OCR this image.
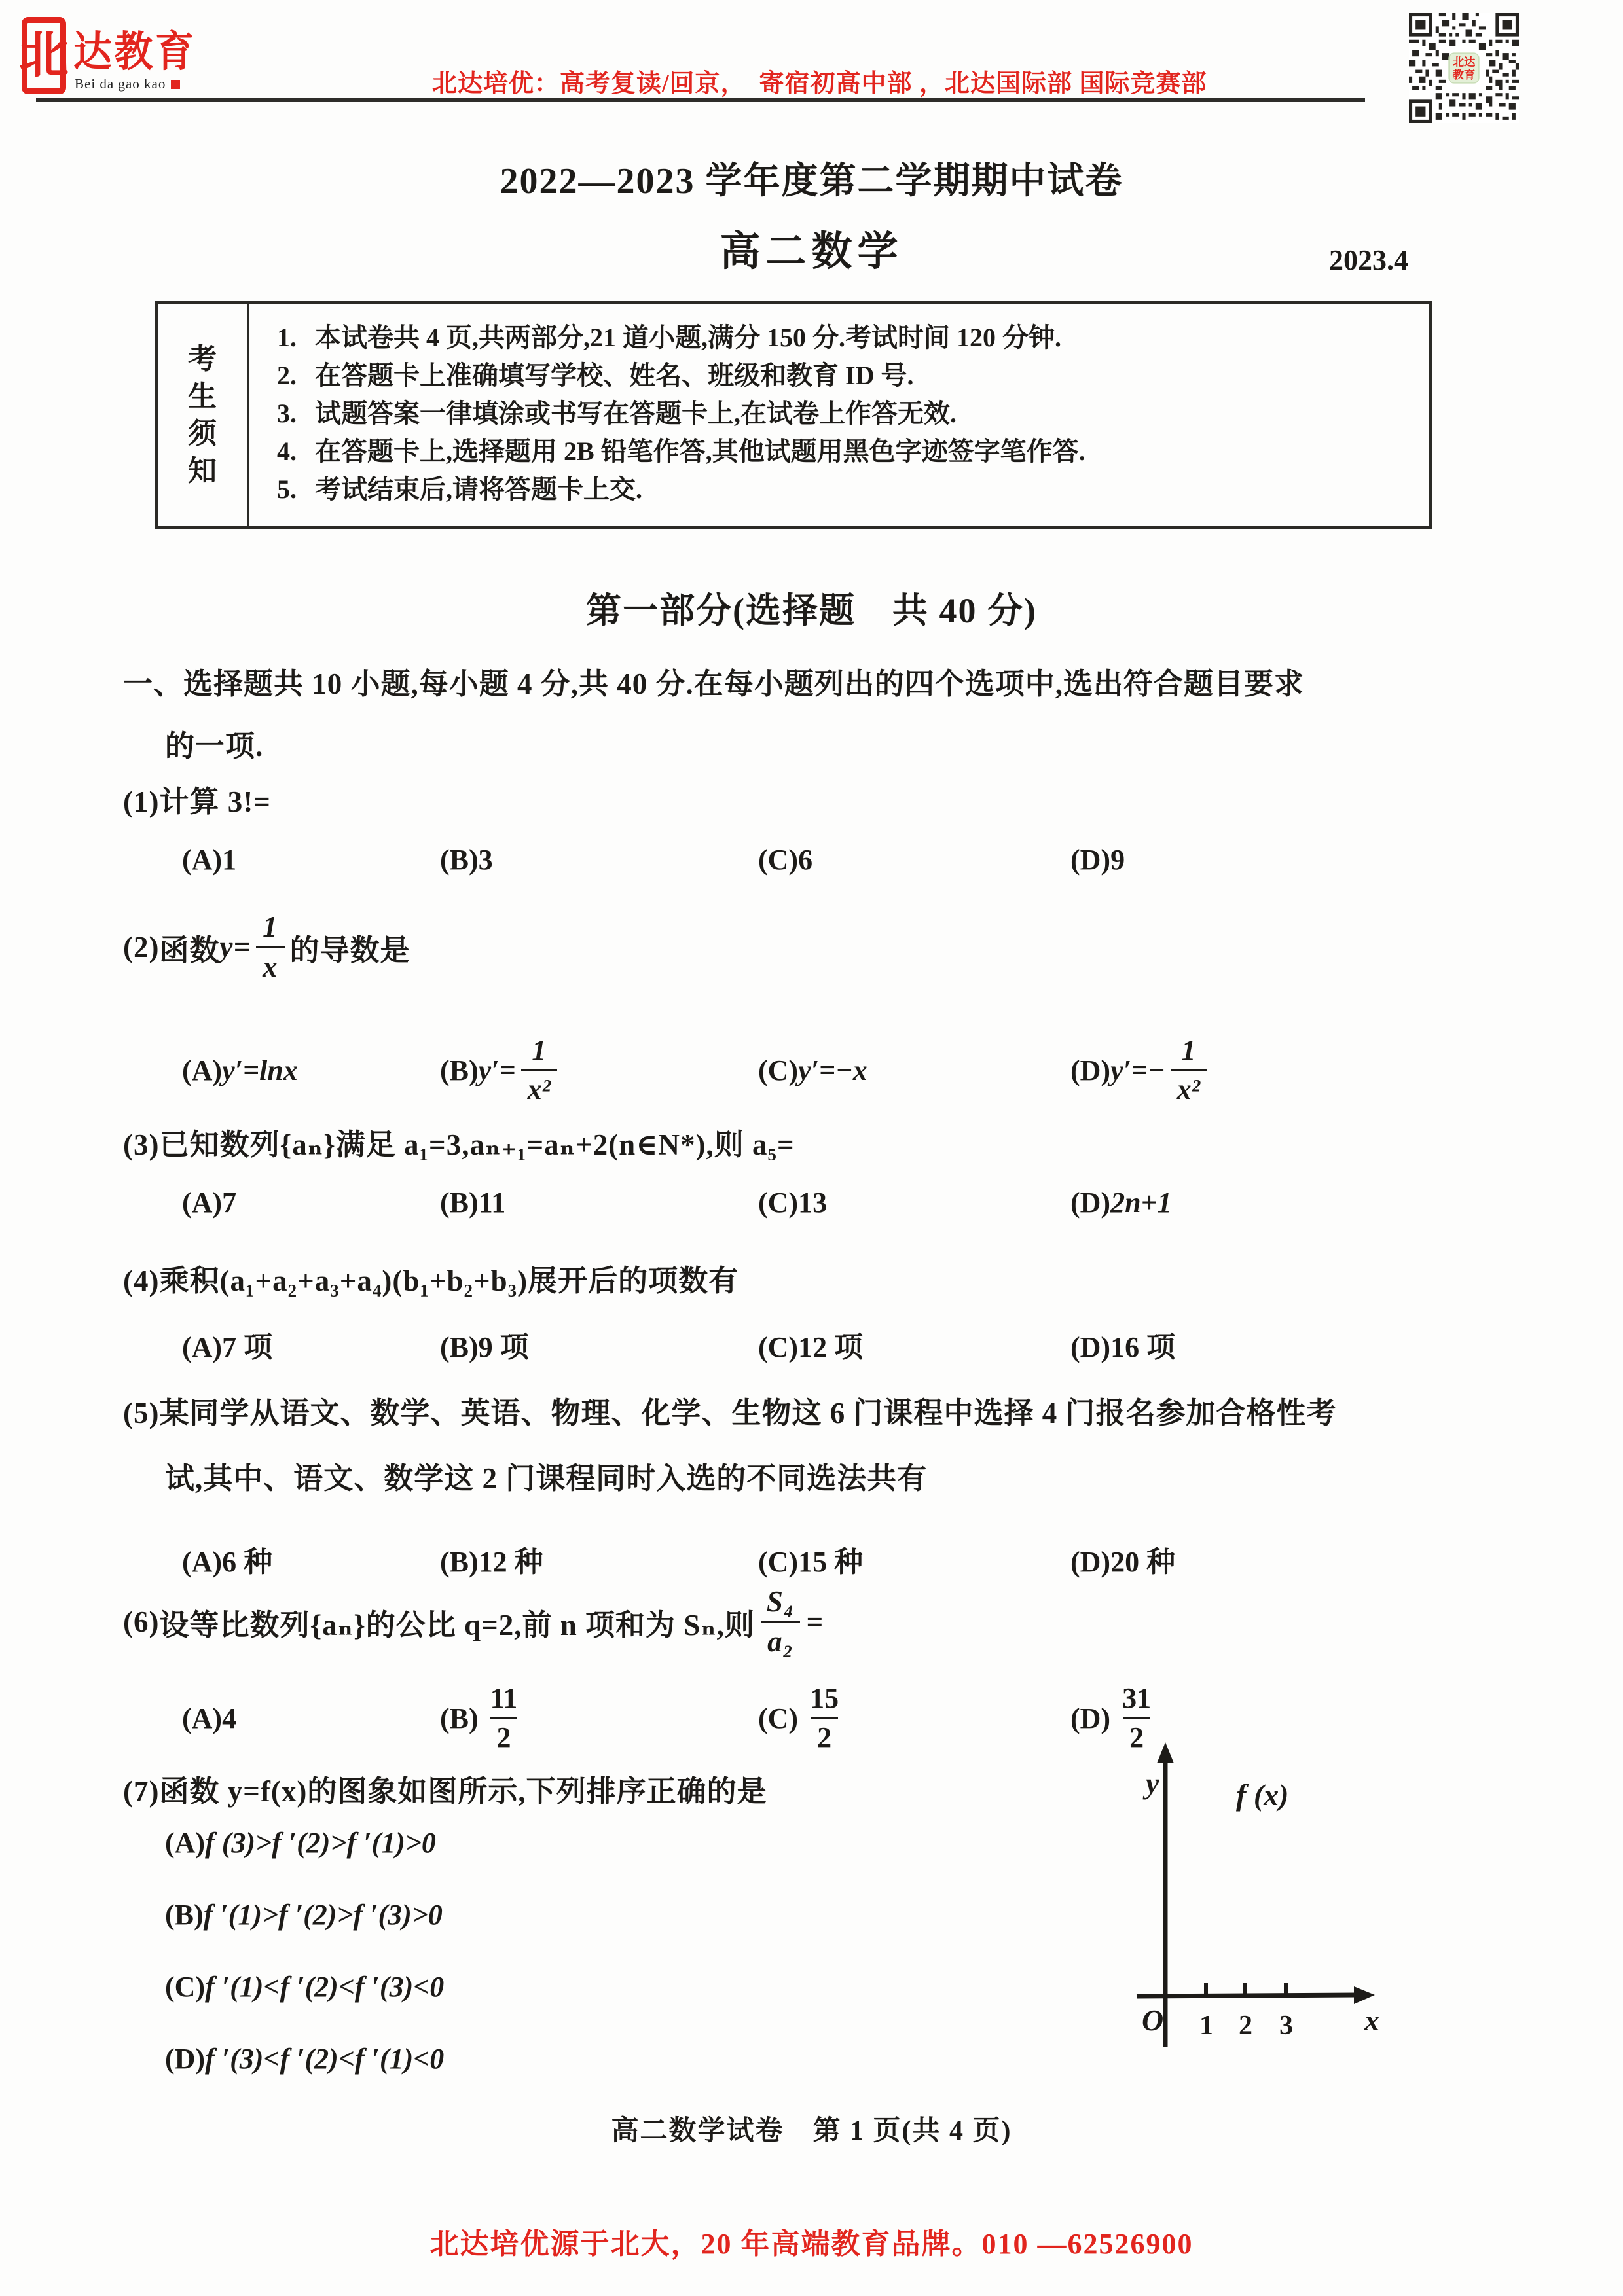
北 达教育
Bei da gao kao	北达培优：高考复读/回京，　寄宿初高中部 ，北达国际部 国际竞赛部
北达
教育
2022—2023 学年度第二学期期中试卷
高二数学	2023.4
考
生
须
知
1. 本试卷共 4 页,共两部分,21 道小题,满分 150 分.考试时间 120 分钟.
2. 在答题卡上准确填写学校、姓名、班级和教育 ID 号.
3. 试题答案一律填涂或书写在答题卡上,在试卷上作答无效.
4. 在答题卡上,选择题用 2B 铅笔作答,其他试题用黑色字迹签字笔作答.
5. 考试结束后,请将答题卡上交.
第一部分(选择题　共 40 分)
一、选择题共 10 小题,每小题 4 分,共 40 分.在每小题列出的四个选项中,选出符合题目要求
的一项.
(1)计算 3!=
(A)1	(B)3	(C)6	(D)9
(2) 函数 $y= \frac{1}{x}$ 的导数是
(A) y′=lnx	(B) $y'= \frac{1}{\text{x²}}$	(C) y′=−x	(D) $y'=- \frac{1}{\text{x²}}$
(3)已知数列{aₙ}满足 a₁=3,aₙ₊₁=aₙ+2(n∈N*),则 a₅=
(A)7	(B)11	(C)13	(D)2n+1
(4)乘积(a₁+a₂+a₃+a₄)(b₁+b₂+b₃)展开后的项数有
(A)7 项	(B)9 项	(C)12 项	(D)16 项
(5)某同学从语文、数学、英语、物理、化学、生物这 6 门课程中选择 4 门报名参加合格性考
试,其中、语文、数学这 2 门课程同时入选的不同选法共有
(A)6 种	(B)12 种	(C)15 种	(D)20 种
(6) 设等比数列{aₙ}的公比 q=2,前 n 项和为 Sₙ,则 $\frac{\text{S₄}}{\text{a₂}}$ =
(A) 4	$(B) \frac{11}{2}$	$(C) \frac{15}{2}$	$(D) \frac{31}{2}$
(7)函数 y=f(x)的图象如图所示,下列排序正确的是
(A)f (3)>f ′(2)>f ′(1)>0
(B)f ′(1)>f ′(2)>f ′(3)>0
(C)f ′(1)<f ′(2)<f ′(3)<0
(D)f ′(3)<f ′(2)<f ′(1)<0
y
x
O
f (x)
1 2 3
高二数学试卷　第 1 页(共 4 页)
北达培优源于北大，20 年高端教育品牌。010 —62526900
